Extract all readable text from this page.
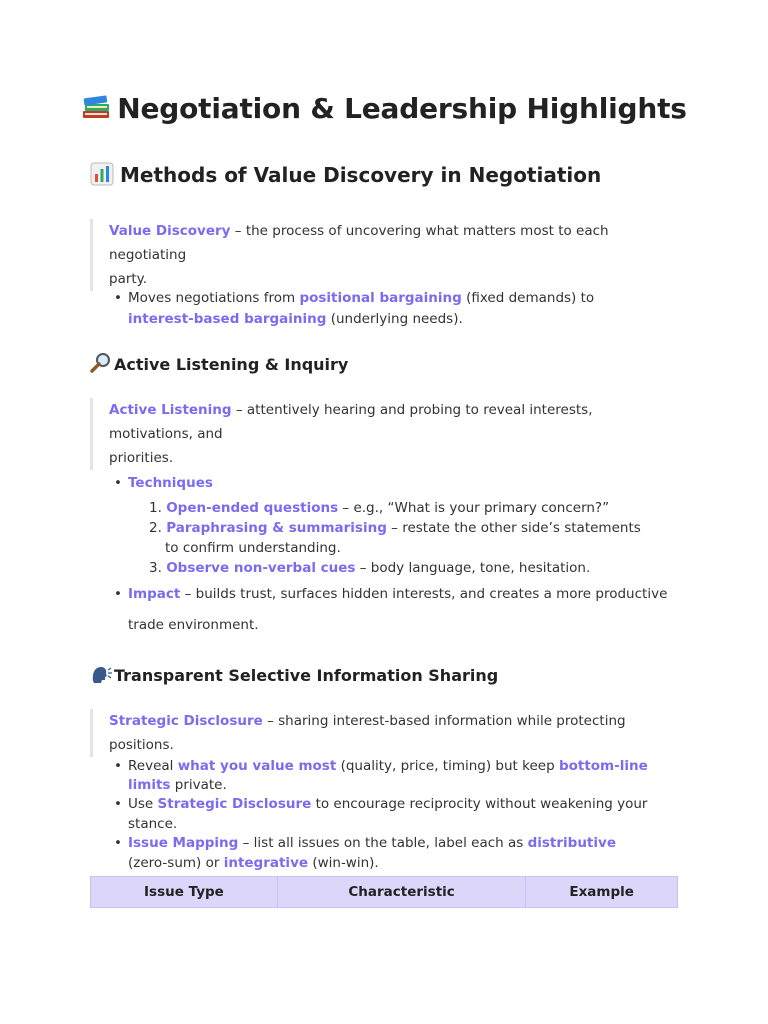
Negotiation & Leadership Highlights
Methods of Value Discovery in Negotiation
Value Discovery – the process of uncovering what matters most to each negotiating
party.
• Moves negotiations from positional bargaining (fixed demands) to
interest-based bargaining (underlying needs).
Active Listening & Inquiry
Active Listening – attentively hearing and probing to reveal interests, motivations, and
priorities.
• Techniques
1. Open-ended questions – e.g., “What is your primary concern?”
2. Paraphrasing & summarising – restate the other side’s statements
to confirm understanding.
3. Observe non-verbal cues – body language, tone, hesitation.
• Impact – builds trust, surfaces hidden interests, and creates a more productive
trade environment.
Transparent Selective Information Sharing
Strategic Disclosure – sharing interest-based information while protecting positions.
• Reveal what you value most (quality, price, timing) but keep bottom-line
limits private.
• Use Strategic Disclosure to encourage reciprocity without weakening your
stance.
• Issue Mapping – list all issues on the table, label each as distributive
(zero-sum) or integrative (win-win).
Issue Type	Characteristic	Example
